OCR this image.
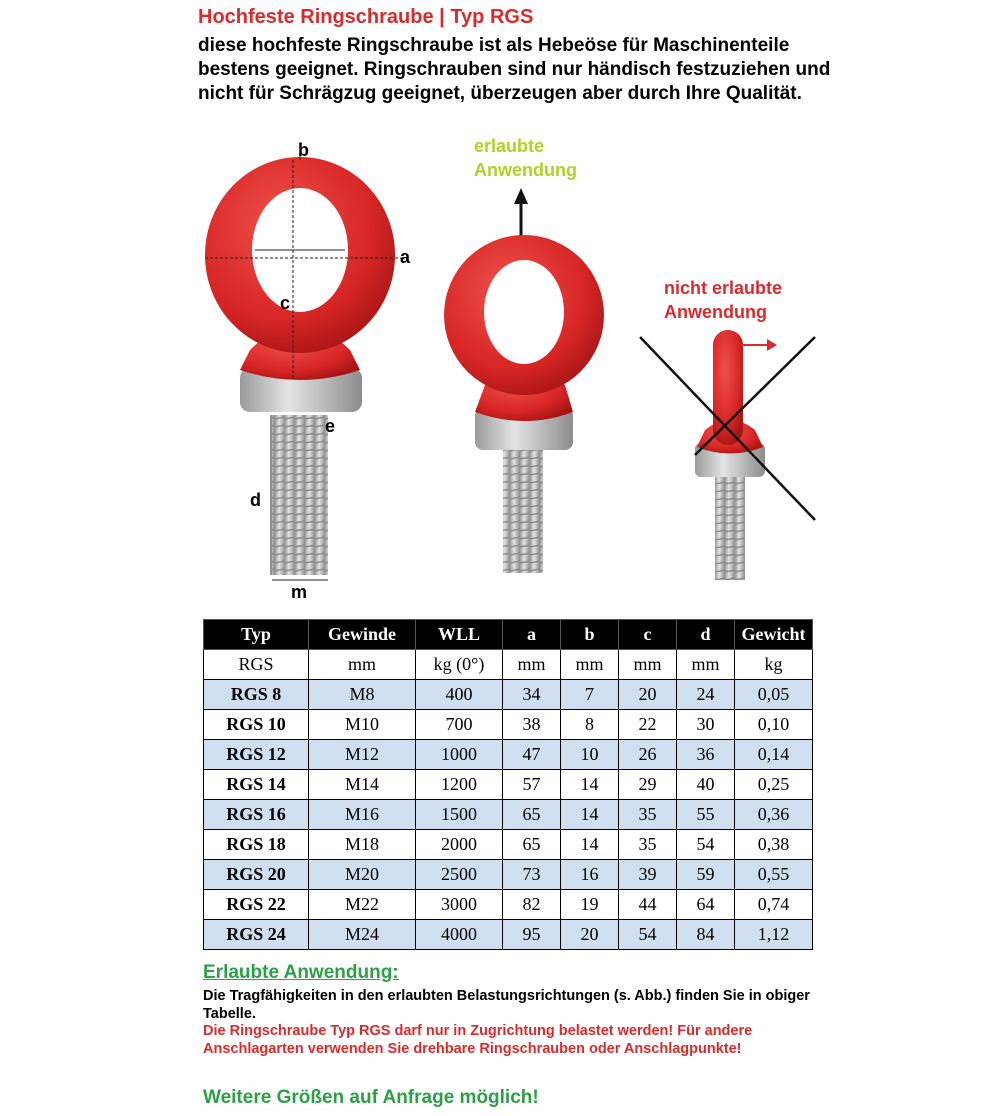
Hochfeste Ringschraube | Typ RGS

diese hochfeste Ringschraube ist als Hebeöse für Maschinenteile bestens geeignet. Ringschrauben sind nur händisch festzuziehen und nicht für Schrägzug geeignet, überzeugen aber durch Ihre Qualität.

b
a
c
e
d
m
erlaubte
Anwendung
nicht erlaubte
Anwendung
Typ	Gewinde	WLL	a	b	c	d	Gewicht
RGS	mm	kg (0°)	mm	mm	mm	mm	kg
RGS 8	M8	400	34	7	20	24	0,05
RGS 10	M10	700	38	8	22	30	0,10
RGS 12	M12	1000	47	10	26	36	0,14
RGS 14	M14	1200	57	14	29	40	0,25
RGS 16	M16	1500	65	14	35	55	0,36
RGS 18	M18	2000	65	14	35	54	0,38
RGS 20	M20	2500	73	16	39	59	0,55
RGS 22	M22	3000	82	19	44	64	0,74
RGS 24	M24	4000	95	20	54	84	1,12

Erlaubte Anwendung:

Die Tragfähigkeiten in den erlaubten Belastungsrichtungen (s. Abb.) finden Sie in obiger Tabelle.

Die Ringschraube Typ RGS darf nur in Zugrichtung belastet werden! Für andere Anschlagarten verwenden Sie drehbare Ringschrauben oder Anschlagpunkte!

Weitere Größen auf Anfrage möglich!
